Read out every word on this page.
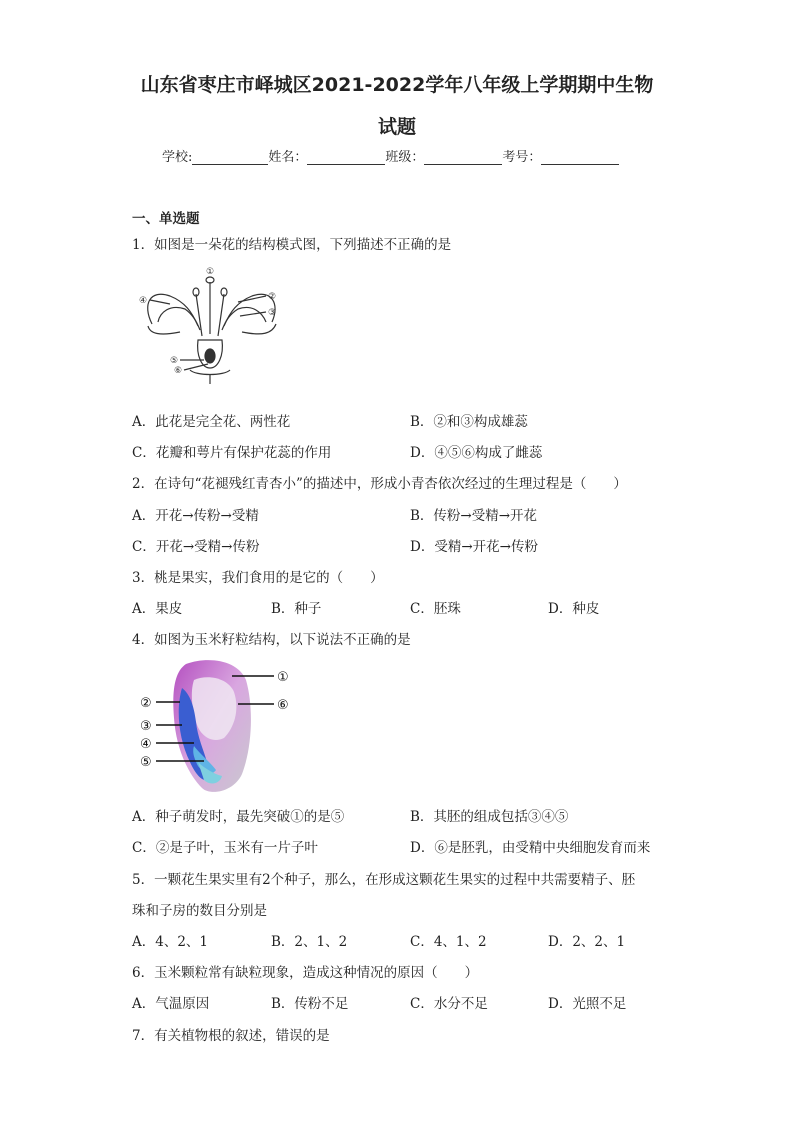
山东省枣庄市峄城区2021-2022学年八年级上学期期中生物
试题
学校:	姓名：	班级：	考号：
一、单选题
1．如图是一朵花的结构模式图，下列描述不正确的是
①
②
③
④
⑤
⑥
A．此花是完全花、两性花	B．②和③构成雄蕊
C．花瓣和萼片有保护花蕊的作用	D．④⑤⑥构成了雌蕊
2．在诗句“花褪残红青杏小”的描述中，形成小青杏依次经过的生理过程是（　　）
A．开花→传粉→受精	B．传粉→受精→开花
C．开花→受精→传粉	D．受精→开花→传粉
3．桃是果实，我们食用的是它的（　　）
A．果皮	B．种子	C．胚珠	D．种皮
4．如图为玉米籽粒结构，以下说法不正确的是
①
②
③
④
⑤
⑥
A．种子萌发时，最先突破①的是⑤	B．其胚的组成包括③④⑤
C．②是子叶，玉米有一片子叶	D．⑥是胚乳，由受精中央细胞发育而来
5．一颗花生果实里有2个种子，那么，在形成这颗花生果实的过程中共需要精子、胚
珠和子房的数目分别是
A．4、2、1	B．2、1、2	C．4、1、2	D．2、2、1
6．玉米颗粒常有缺粒现象，造成这种情况的原因（　　）
A．气温原因	B．传粉不足	C．水分不足	D．光照不足
7．有关植物根的叙述，错误的是
